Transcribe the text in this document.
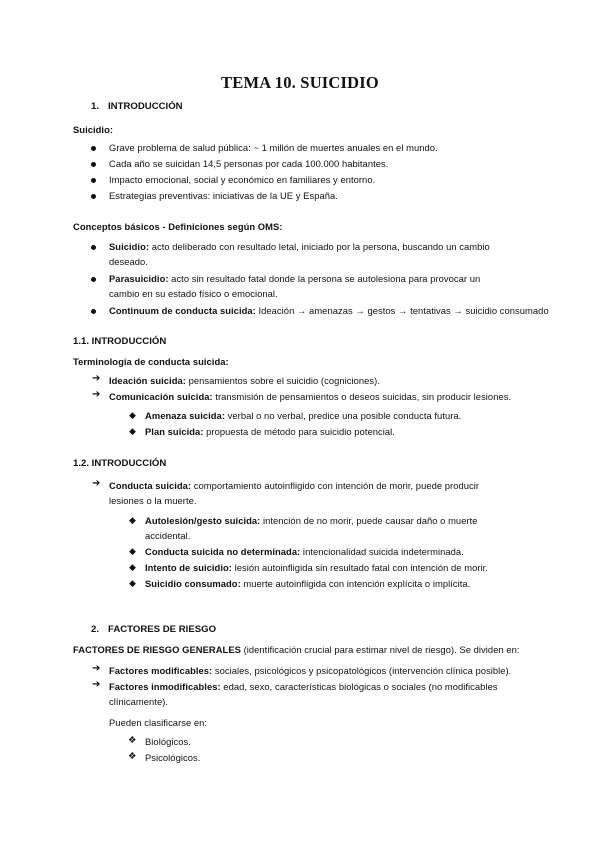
TEMA 10. SUICIDIO
1. INTRODUCCIÓN
Suicidio:
Grave problema de salud pública: ~ 1 millón de muertes anuales en el mundo.
Cada año se suicidan 14,5 personas por cada 100.000 habitantes.
Impacto emocional, social y económico en familiares y entorno.
Estrategias preventivas: iniciativas de la UE y España.
Conceptos básicos - Definiciones según OMS:
Suicidio: acto deliberado con resultado letal, iniciado por la persona, buscando un cambio
deseado.
Parasuicidio: acto sin resultado fatal donde la persona se autolesiona para provocar un
cambio en su estado físico o emocional.
Continuum de conducta suicida: Ideación → amenazas → gestos → tentativas → suicidio consumado
1.1. INTRODUCCIÓN
Terminología de conducta suicida:
➔ Ideación suicida: pensamientos sobre el suicidio (cogniciones).
➔ Comunicación suicida: transmisión de pensamientos o deseos suicidas, sin producir lesiones.
◆ Amenaza suicida: verbal o no verbal, predice una posible conducta futura.
◆ Plan suicida: propuesta de método para suicidio potencial.
1.2. INTRODUCCIÓN
➔ Conducta suicida: comportamiento autoinfligido con intención de morir, puede producir
lesiones o la muerte.
◆ Autolesión/gesto suicida: intención de no morir, puede causar daño o muerte
accidental.
◆ Conducta suicida no determinada: intencionalidad suicida indeterminada.
◆ Intento de suicidio: lesión autoinfligida sin resultado fatal con intención de morir.
◆ Suicidio consumado: muerte autoinfligida con intención explícita o implícita.
2. FACTORES DE RIESGO
FACTORES DE RIESGO GENERALES (identificación crucial para estimar nivel de riesgo). Se dividen en:
➔ Factores modificables: sociales, psicológicos y psicopatológicos (intervención clínica posible).
➔ Factores inmodificables: edad, sexo, características biológicas o sociales (no modificables
clínicamente).
Pueden clasificarse en:
❖ Biológicos.
❖ Psicológicos.
